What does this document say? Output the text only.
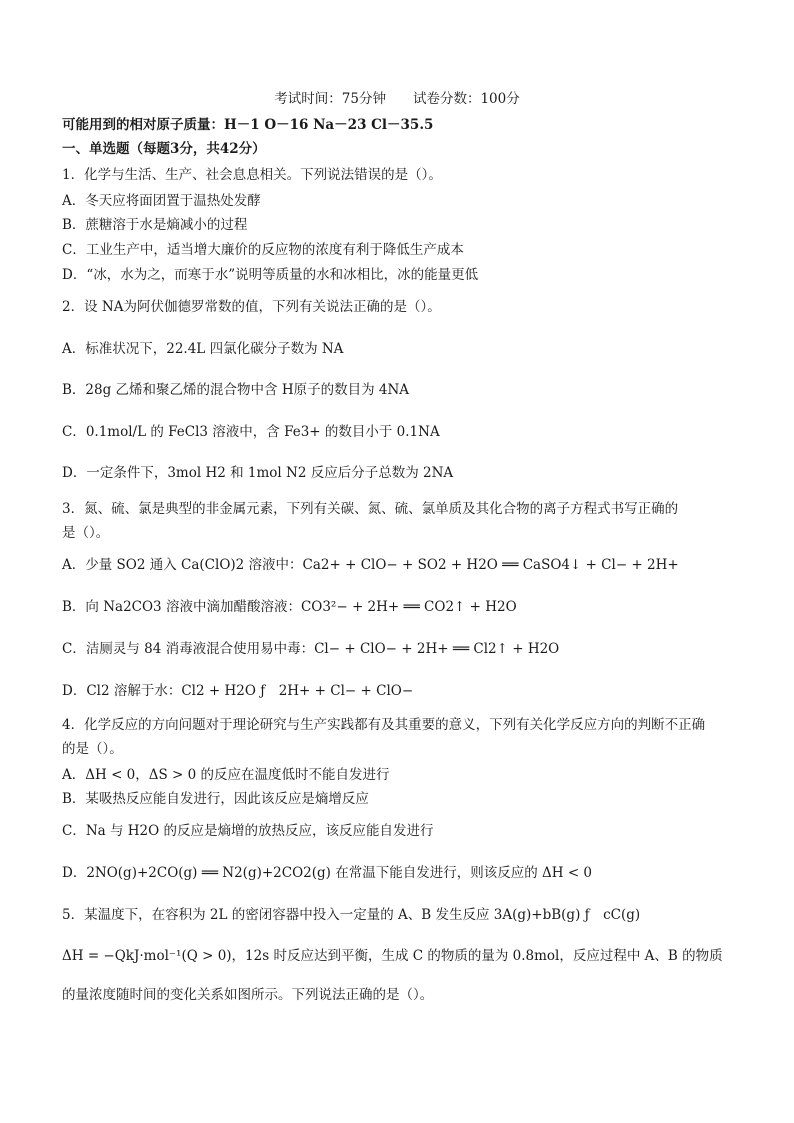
考试时间：75分钟　　试卷分数：100分
可能用到的相对原子质量：H－1 O－16 Na－23 Cl－35.5
一、单选题（每题3分，共42分）
1．化学与生活、生产、社会息息相关。下列说法错误的是（）。
A．冬天应将面团置于温热处发酵
B．蔗糖溶于水是熵减小的过程
C．工业生产中，适当增大廉价的反应物的浓度有利于降低生产成本
D．“冰，水为之，而寒于水”说明等质量的水和冰相比，冰的能量更低
2．设 NA为阿伏伽德罗常数的值，下列有关说法正确的是（）。
A．标准状况下，22.4L 四氯化碳分子数为 NA
B．28g 乙烯和聚乙烯的混合物中含 H原子的数目为 4NA
C．0.1mol/L 的 FeCl3 溶液中，含 Fe3+ 的数目小于 0.1NA
D．一定条件下，3mol H2 和 1mol N2 反应后分子总数为 2NA
3．氮、硫、氯是典型的非金属元素，下列有关碳、氮、硫、氯单质及其化合物的离子方程式书写正确的
是（）。
A．少量 SO2 通入 Ca(ClO)2 溶液中：Ca2+ + ClO− + SO2 + H2O ══ CaSO4↓ + Cl− + 2H+
B．向 Na2CO3 溶液中滴加醋酸溶液：CO3²− + 2H+ ══ CO2↑ + H2O
C．洁厕灵与 84 消毒液混合使用易中毒：Cl− + ClO− + 2H+ ══ Cl2↑ + H2O
D．Cl2 溶解于水：Cl2 + H2O ƒ　2H+ + Cl− + ClO−
4．化学反应的方向问题对于理论研究与生产实践都有及其重要的意义，下列有关化学反应方向的判断不正确
的是（）。
A．ΔH < 0，ΔS > 0 的反应在温度低时不能自发进行
B．某吸热反应能自发进行，因此该反应是熵增反应
C．Na 与 H2O 的反应是熵增的放热反应，该反应能自发进行
D．2NO(g)+2CO(g) ══ N2(g)+2CO2(g) 在常温下能自发进行，则该反应的 ΔH < 0
5．某温度下，在容积为 2L 的密闭容器中投入一定量的 A、B 发生反应 3A(g)+bB(g) ƒ　cC(g)
ΔH = −QkJ·mol⁻¹(Q > 0)，12s 时反应达到平衡，生成 C 的物质的量为 0.8mol，反应过程中 A、B 的物质
的量浓度随时间的变化关系如图所示。下列说法正确的是（）。
